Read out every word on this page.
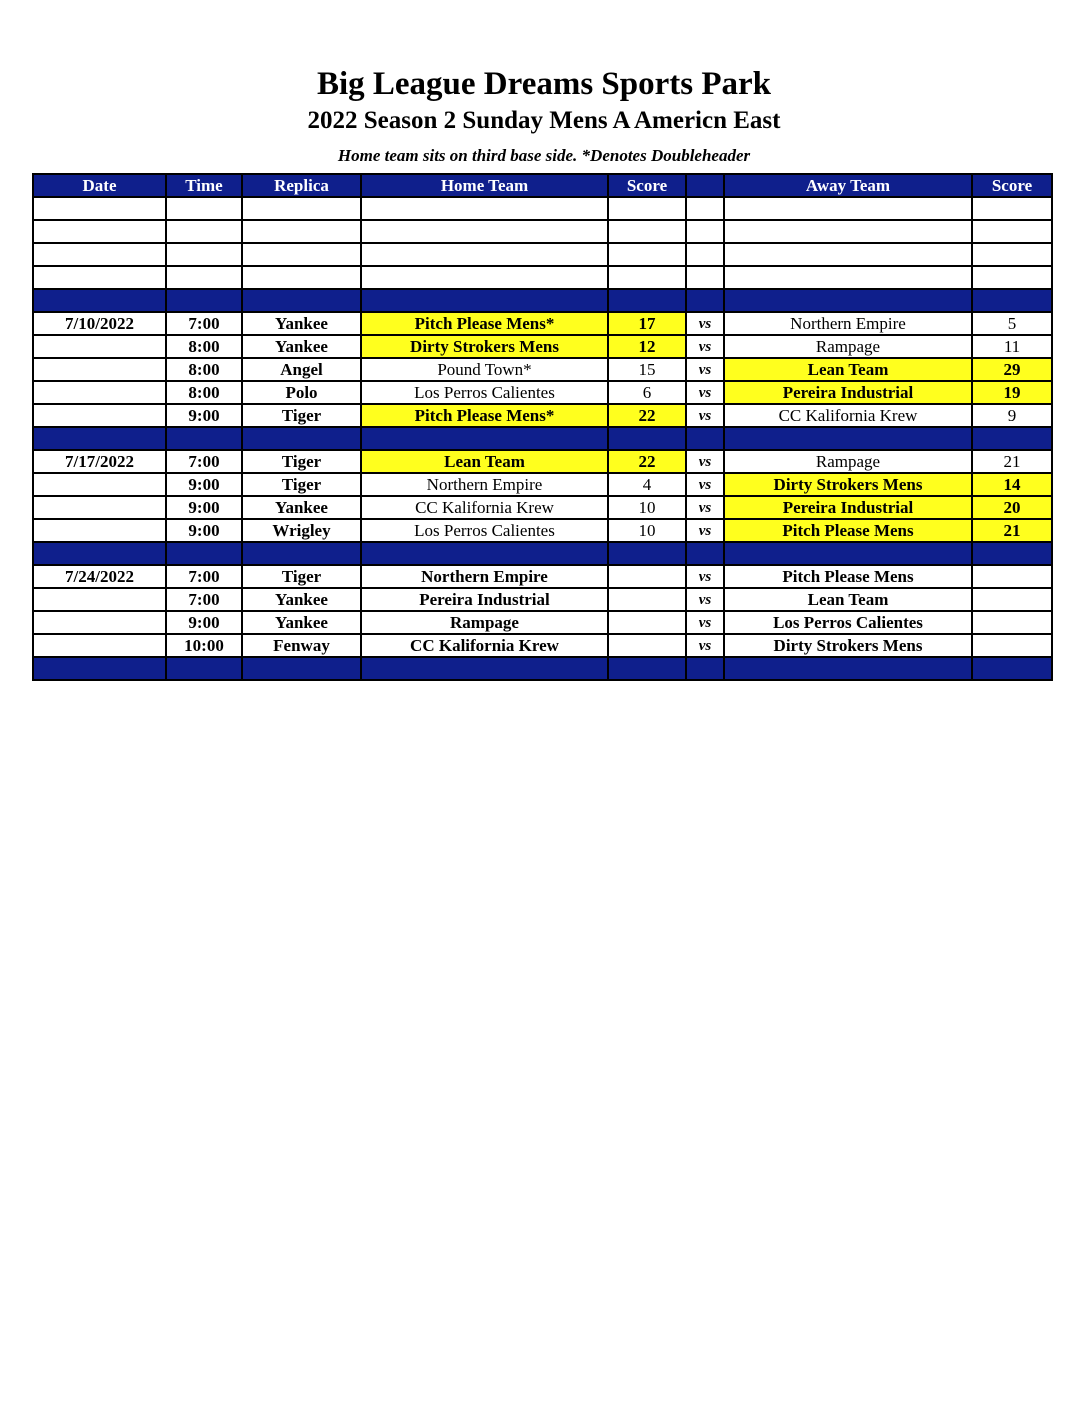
Big League Dreams Sports Park
2022 Season 2 Sunday Mens A Americn East

Home team sits on third base side. *Denotes Doubleheader

Date	Time	Replica	Home Team	Score		Away Team	Score

7/10/2022	7:00	Yankee	Pitch Please Mens*	17	vs	Northern Empire	5
	8:00	Yankee	Dirty Strokers Mens	12	vs	Rampage	11
	8:00	Angel	Pound Town*	15	vs	Lean Team	29
	8:00	Polo	Los Perros Calientes	6	vs	Pereira Industrial	19
	9:00	Tiger	Pitch Please Mens*	22	vs	CC Kalifornia Krew	9

7/17/2022	7:00	Tiger	Lean Team	22	vs	Rampage	21
	9:00	Tiger	Northern Empire	4	vs	Dirty Strokers Mens	14
	9:00	Yankee	CC Kalifornia Krew	10	vs	Pereira Industrial	20
	9:00	Wrigley	Los Perros Calientes	10	vs	Pitch Please Mens	21

7/24/2022	7:00	Tiger	Northern Empire		vs	Pitch Please Mens	
	7:00	Yankee	Pereira Industrial		vs	Lean Team	
	9:00	Yankee	Rampage		vs	Los Perros Calientes	
	10:00	Fenway	CC Kalifornia Krew		vs	Dirty Strokers Mens	
